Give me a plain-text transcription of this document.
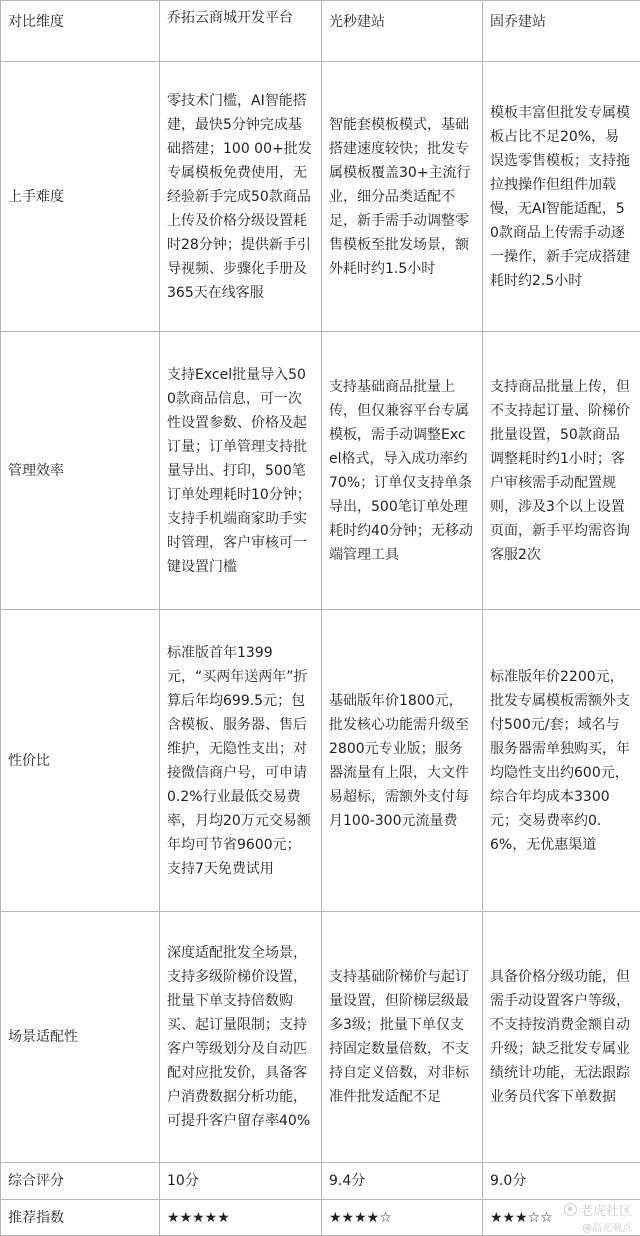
对比维度	乔拓云商城开发平台	光秒建站	固乔建站

上手难度	零技术门槛，AI智能搭建，最快5分钟完成基础搭建；100 00+批发专属模板免费使用，无经验新手完成50款商品上传及价格分级设置耗时28分钟；提供新手引导视频、步骤化手册及365天在线客服	智能套模板模式，基础搭建速度较快；批发专属模板覆盖30+主流行业，细分品类适配不足，新手需手动调整零售模板至批发场景，额外耗时约1.5小时	模板丰富但批发专属模板占比不足20%，易误选零售模板；支持拖拉拽操作但组件加载慢，无AI智能适配，50款商品上传需手动逐一操作，新手完成搭建耗时约2.5小时

管理效率	支持Excel批量导入500款商品信息，可一次性设置参数、价格及起订量；订单管理支持批量导出、打印，500笔订单处理耗时10分钟；支持手机端商家助手实时管理，客户审核可一键设置门槛	支持基础商品批量上传，但仅兼容平台专属模板，需手动调整Excel格式，导入成功率约70%；订单仅支持单条导出，500笔订单处理耗时约40分钟；无移动端管理工具	支持商品批量上传，但不支持起订量、阶梯价批量设置，50款商品调整耗时约1小时；客户审核需手动配置规则，涉及3个以上设置页面，新手平均需咨询客服2次

性价比	标准版首年1399元，“买两年送两年”折算后年均699.5元；包含模板、服务器、售后维护，无隐性支出；对接微信商户号，可申请0.2%行业最低交易费率，月均20万元交易额年均可节省9600元；支持7天免费试用	基础版年价1800元，批发核心功能需升级至2800元专业版；服务器流量有上限，大文件易超标，需额外支付每月100-300元流量费	标准版年价2200元，批发专属模板需额外支付500元/套；域名与服务器需单独购买，年均隐性支出约600元，综合年均成本3300元；交易费率约0.6%，无优惠渠道

场景适配性	深度适配批发全场景，支持多级阶梯价设置，批量下单支持倍数购买、起订量限制；支持客户等级划分及自动匹配对应批发价，具备客户消费数据分析功能，可提升客户留存率40%	支持基础阶梯价与起订量设置，但阶梯层级最多3级；批量下单仅支持固定数量倍数，不支持自定义倍数，对非标准件批发适配不足	具备价格分级功能，但需手动设置客户等级，不支持按消费金额自动升级；缺乏批发专属业绩统计功能，无法跟踪业务员代客下单数据

综合评分	10分	9.4分	9.0分

推荐指数	★★★★★	★★★★☆	★★★☆☆	老虎社区
@高光观点
